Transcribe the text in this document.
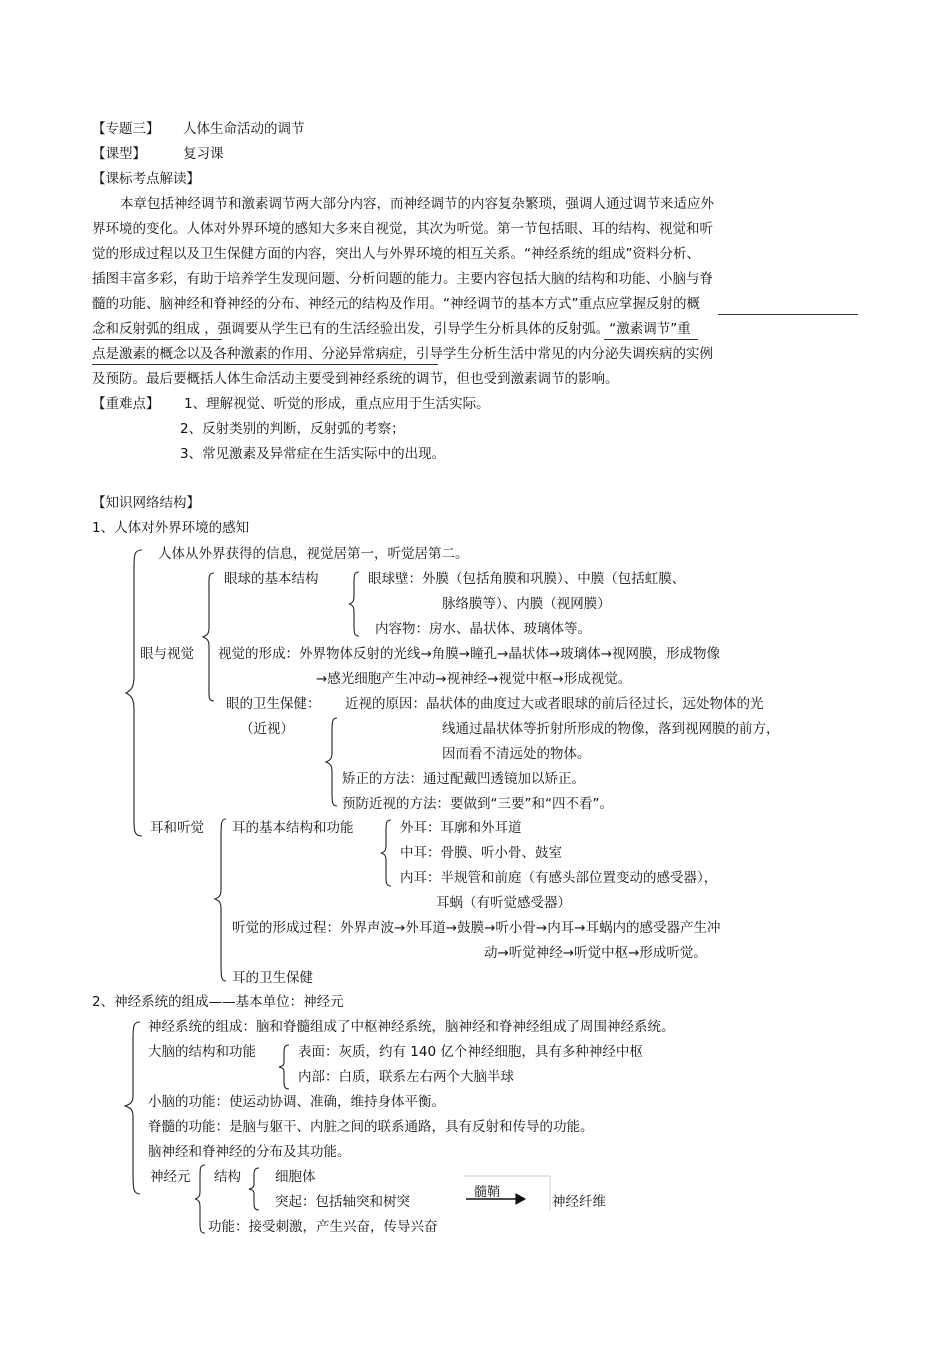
【专题三】 人体生命活动的调节
【课型】	复习课
【课标考点解读】
本章包括神经调节和激素调节两大部分内容，而神经调节的内容复杂繁琐，强调人通过调节来适应外
界环境的变化。人体对外界环境的感知大多来自视觉，其次为听觉。第一节包括眼、耳的结构、视觉和听
觉的形成过程以及卫生保健方面的内容，突出人与外界环境的相互关系。“神经系统的组成”资料分析、
插图丰富多彩，有助于培养学生发现问题、分析问题的能力。主要内容包括大脑的结构和功能、小脑与脊
髓的功能、脑神经和脊神经的分布、神经元的结构及作用。“神经调节的基本方式”重点应掌握反射的概
念和反射弧的组成 ，强调要从学生已有的生活经验出发，引导学生分析具体的反射弧。“激素调节”重
点是激素的概念以及各种激素的作用、分泌异常病症，引导学生分析生活中常见的内分泌失调疾病的实例
及预防。最后要概括人体生命活动主要受到神经系统的调节，但也受到激素调节的影响。
【重难点】 1、理解视觉、听觉的形成，重点应用于生活实际。
2、反射类别的判断，反射弧的考察；
3、常见激素及异常症在生活实际中的出现。
【知识网络结构】
1、人体对外界环境的感知
人体从外界获得的信息，视觉居第一，听觉居第二。
眼与视觉
眼球的基本结构	眼球壁：外膜（包括角膜和巩膜）、中膜（包括虹膜、
脉络膜等）、内膜（视网膜）
内容物：房水、晶状体、玻璃体等。
视觉的形成：外界物体反射的光线→角膜→瞳孔→晶状体→玻璃体→视网膜，形成物像
→感光细胞产生冲动→视神经→视觉中枢→形成视觉。
眼的卫生保健：
（近视）
近视的原因：晶状体的曲度过大或者眼球的前后径过长，远处物体的光
线通过晶状体等折射所形成的物像，落到视网膜的前方，
因而看不清远处的物体。
矫正的方法：通过配戴凹透镜加以矫正。
预防近视的方法：要做到“三要”和“四不看”。
耳和听觉 耳的基本结构和功能	外耳：耳廓和外耳道
中耳：骨膜、听小骨、鼓室
内耳：半规管和前庭（有感头部位置变动的感受器），
耳蜗（有听觉感受器）
听觉的形成过程：外界声波→外耳道→鼓膜→听小骨→内耳→耳蜗内的感受器产生冲
动→听觉神经→听觉中枢→形成听觉。
耳的卫生保健
2、神经系统的组成——基本单位：神经元
神经系统的组成：脑和脊髓组成了中枢神经系统，脑神经和脊神经组成了周围神经系统。
大脑的结构和功能	表面：灰质，约有 140 亿个神经细胞，具有多种神经中枢
内部：白质，联系左右两个大脑半球
小脑的功能：使运动协调、准确，维持身体平衡。
脊髓的功能：是脑与躯干、内脏之间的联系通路，具有反射和传导的功能。
脑神经和脊神经的分布及其功能。
神经元 结构	细胞体
突起：包括轴突和树突
髓鞘
神经纤维
功能：接受刺激，产生兴奋，传导兴奋
